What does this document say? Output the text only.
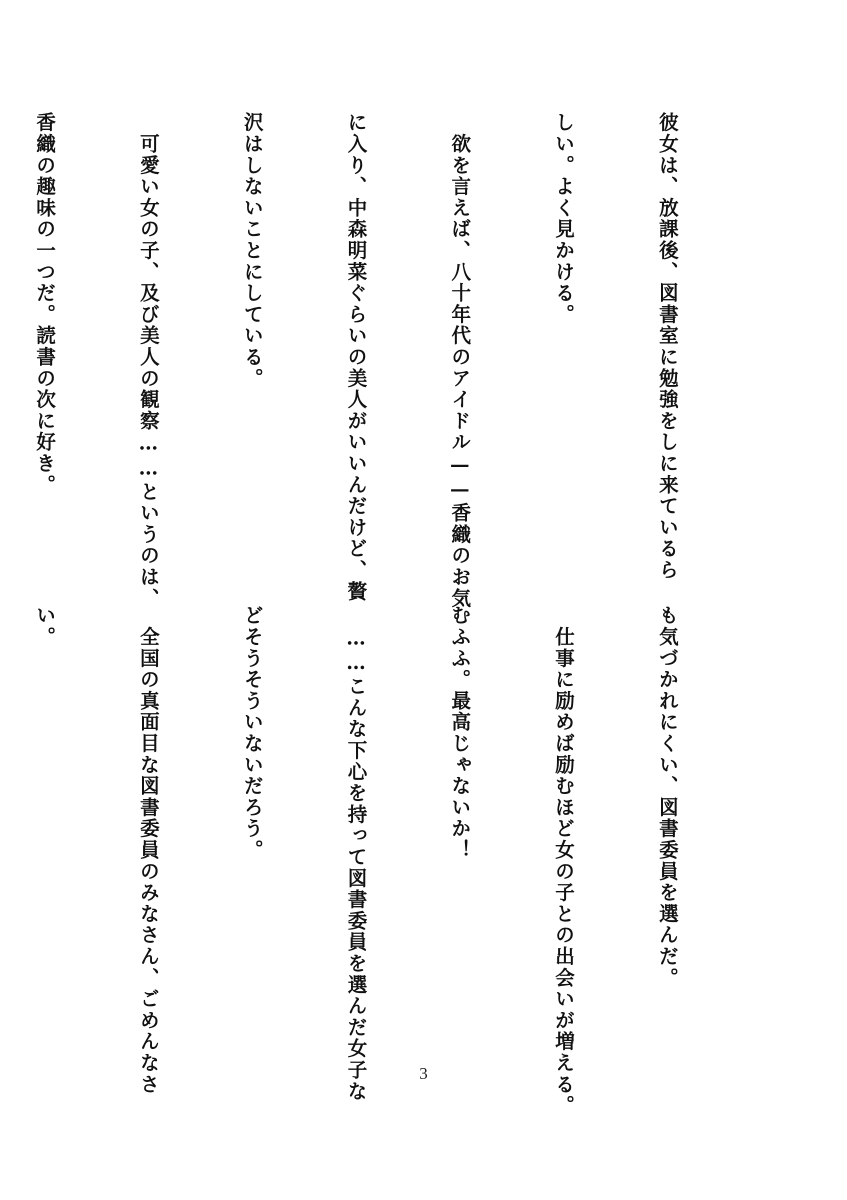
彼女は、放課後、図書室に勉強をしに来ているら

しい。よく見かける。

　欲を言えば、八十年代のアイドル——香織のお気

に入り、中森明菜ぐらいの美人がいいんだけど、贅

沢はしないことにしている。

　可愛い女の子、及び美人の観察……というのは、

香織の趣味の一つだ。読書の次に好き。

も気づかれにくい、図書委員を選んだ。

　仕事に励めば励むほど女の子との出会いが増える。

むふふ。最高じゃないか！

　……こんな下心を持って図書委員を選んだ女子な

どそうそういないだろう。

　全国の真面目な図書委員のみなさん、ごめんなさ

い。

3
